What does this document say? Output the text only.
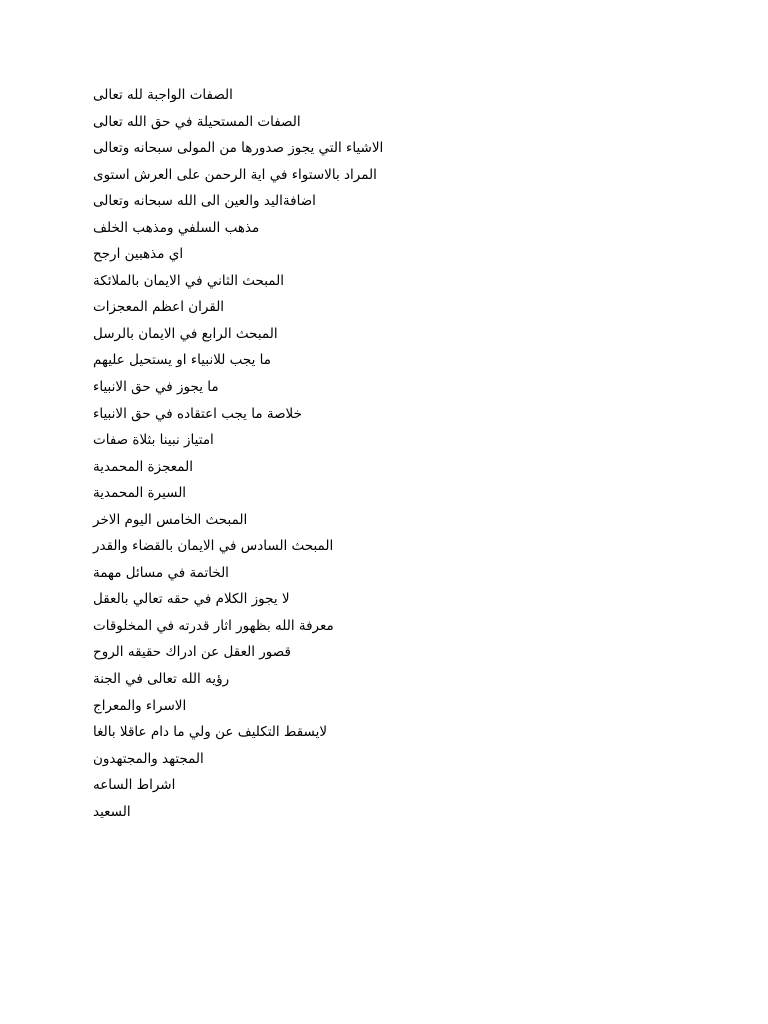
الصفات الواجبة لله تعالى
الصفات المستحيلة في حق الله تعالى
الاشياء التي يجوز صدورها من المولى سبحانه وتعالى
المراد بالاستواء في اية الرحمن على العرش استوى
اضافةاليد والعين الى الله سبحانه وتعالى
مذهب السلفي ومذهب الخلف
اي مذهبين ارجح
المبحث الثاني في الايمان بالملائكة
القران اعظم المعجزات
المبحث الرابع في الايمان بالرسل
ما يجب للانبياء او يستحيل عليهم
ما يجوز في حق الانبياء
خلاصة ما يجب اعتقاده في حق الانبياء
امتياز نبينا بثلاة صفات
المعجزة المحمدية
السيرة المحمدية
المبحث الخامس اليوم الاخر
المبحث السادس في الايمان بالقضاء والقدر
الخاتمة في مسائل مهمة
لا يجوز الكلام في حقه تعالي بالعقل
معرفة الله بظهور اثار قدرته في المخلوقات
قصور العقل عن ادراك حقيقه الروح
رؤيه الله تعالى في الجنة
الاسراء والمعراج
لايسقط التكليف عن ولي ما دام عاقلا بالغا
المجتهد والمجتهدون
اشراط الساعه
السعيد
